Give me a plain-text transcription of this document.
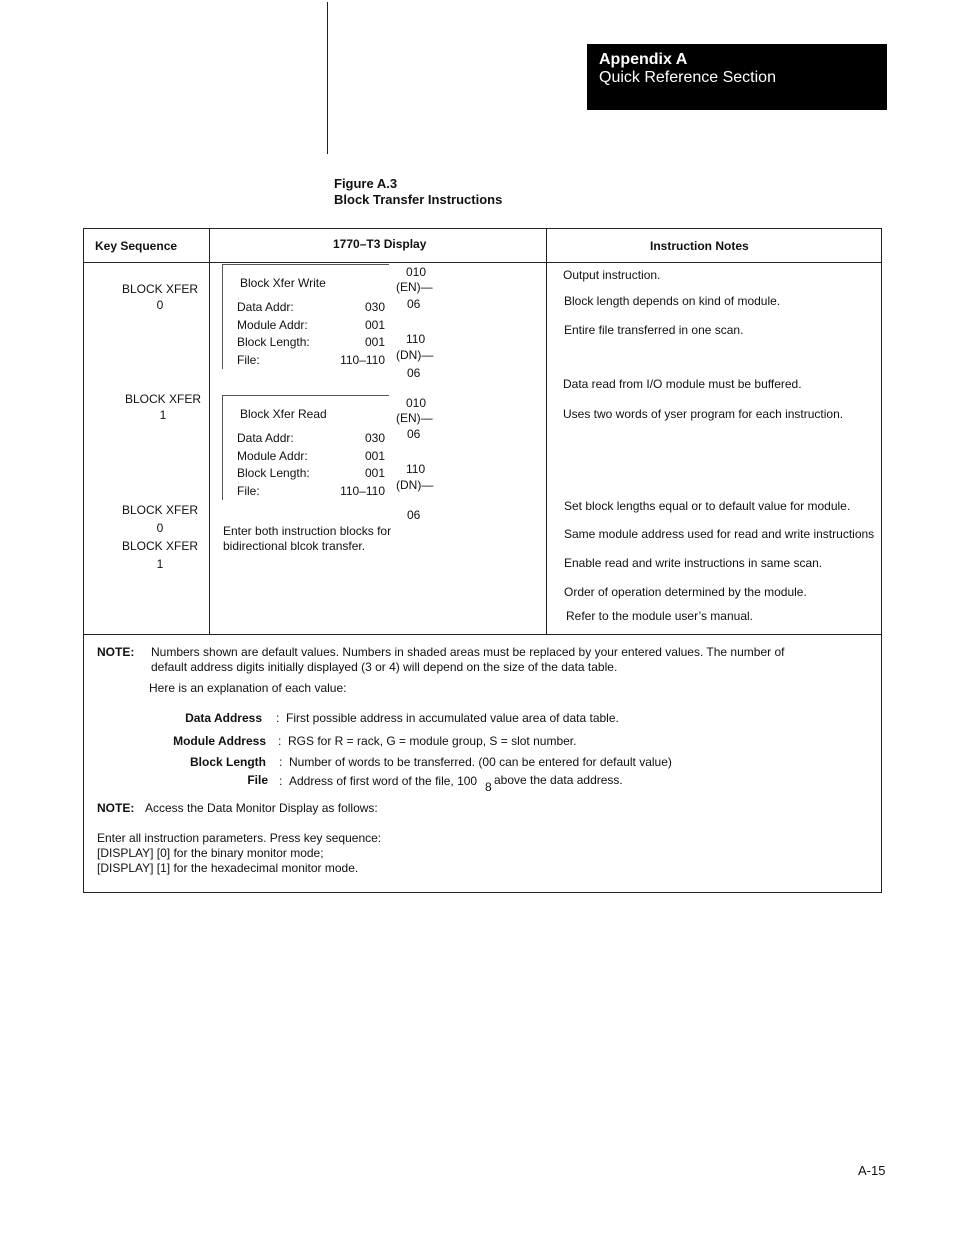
Appendix A
Quick Reference Section
Figure A.3
Block Transfer Instructions
Key Sequence	1770–T3 Display	Instruction Notes
BLOCK XFER
0
BLOCK XFER
1
BLOCK XFER
0
BLOCK XFER
1
Block Xfer Write
Data Addr:
Module Addr:
Block Length:
File:
030
001
001
110–110
010
(EN)—
06
110
(DN)—
06
Block Xfer Read
Data Addr:
Module Addr:
Block Length:
File:
030
001
001
110–110
010
(EN)—
06
110
(DN)—
06
Enter both instruction blocks for
bidirectional blcok transfer.
Output instruction.
Block length depends on kind of module.
Entire file transferred in one scan.
Data read from I/O module must be buffered.
Uses two words of yser program for each instruction.
Set block lengths equal or to default value for module.
Same module address used for read and write instructions
Enable read and write instructions in same scan.
Order of operation determined by the module.
Refer to the module user’s manual.
NOTE: Numbers shown are default values. Numbers in shaded areas must be replaced by your entered values. The number of
default address digits initially displayed (3 or 4) will depend on the size of the data table.
Here is an explanation of each value:
Data Address : First possible address in accumulated value area of data table.
Module Address : RGS for R = rack, G = module group, S = slot number.
Block Length : Number of words to be transferred. (00 can be entered for default value)
File : Address of first word of the file, 100 8 above the data address.
NOTE: Access the Data Monitor Display as follows:
Enter all instruction parameters. Press key sequence:
[DISPLAY] [0] for the binary monitor mode;
[DISPLAY] [1] for the hexadecimal monitor mode.
A-15
